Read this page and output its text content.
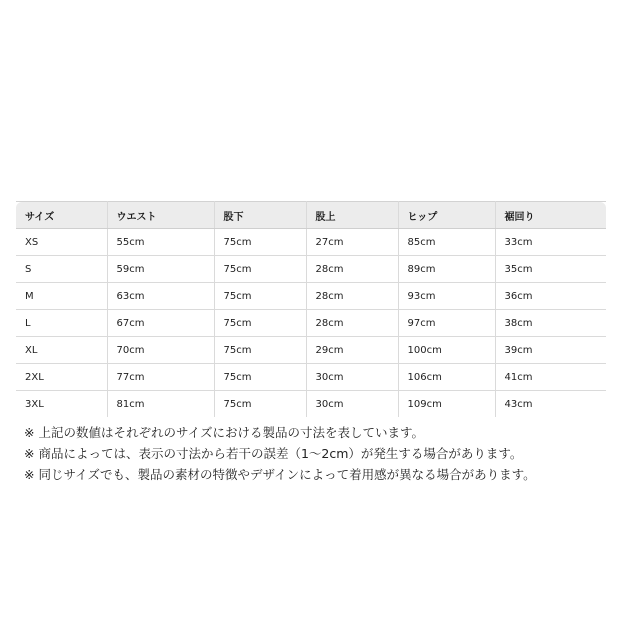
サイズ	ウエスト	股下	股上	ヒップ	裾回り
XS	55cm	75cm	27cm	85cm	33cm
S	59cm	75cm	28cm	89cm	35cm
M	63cm	75cm	28cm	93cm	36cm
L	67cm	75cm	28cm	97cm	38cm
XL	70cm	75cm	29cm	100cm	39cm
2XL	77cm	75cm	30cm	106cm	41cm
3XL	81cm	75cm	30cm	109cm	43cm
※ 上記の数値はそれぞれのサイズにおける製品の寸法を表しています。
※ 商品によっては、表示の寸法から若干の誤差（1～2cm）が発生する場合があります。
※ 同じサイズでも、製品の素材の特徴やデザインによって着用感が異なる場合があります。
